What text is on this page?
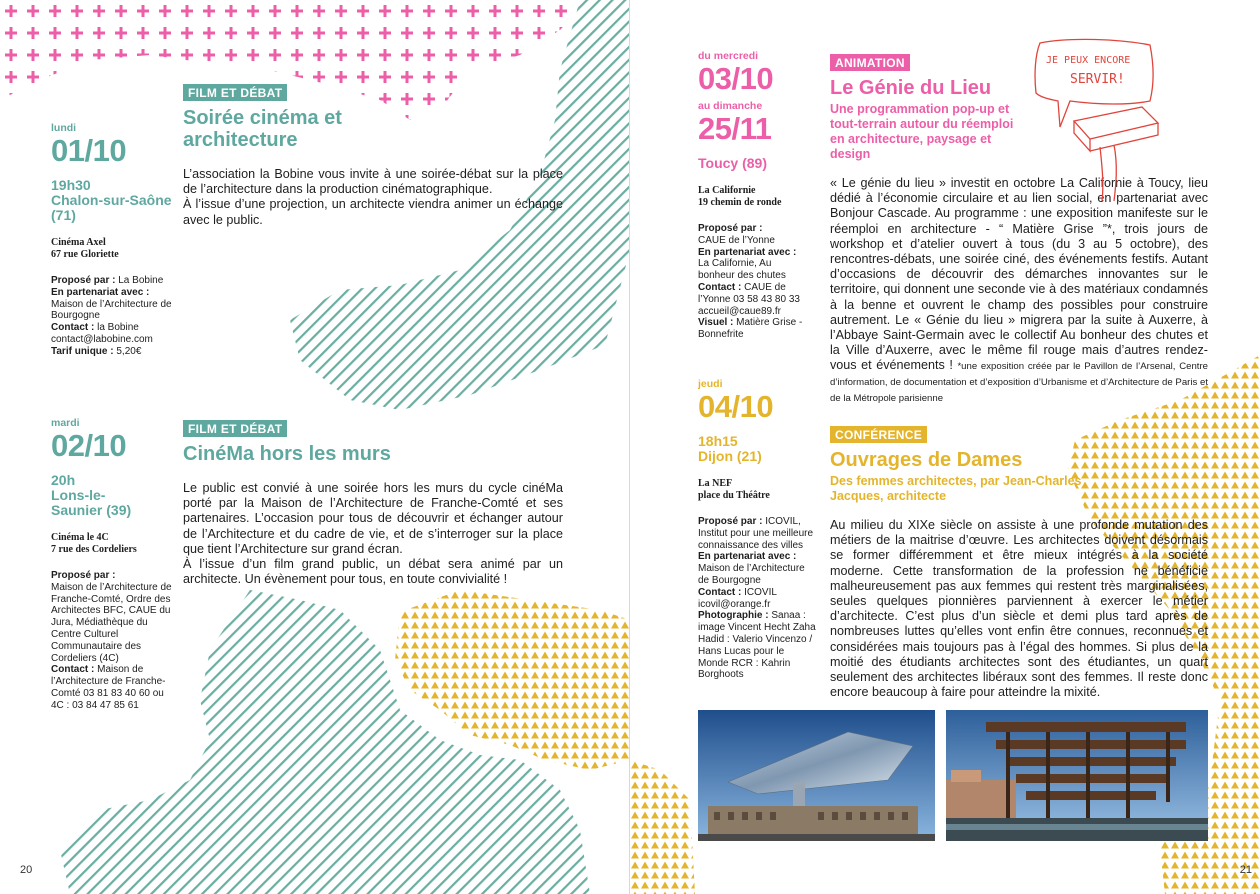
lundi
01/10
19h30
Chalon-sur-Saône (71)
Cinéma Axel
67 rue Gloriette
Proposé par : La Bobine
En partenariat avec :
Maison de l’Architecture de Bourgogne
Contact : la Bobine contact@labobine.com
Tarif unique : 5,20€
FILM ET DÉBAT
Soirée cinéma et architecture

L’association la Bobine vous invite à une soirée-débat sur la place de l’architecture dans la production cinématographique.

À l’issue d’une projection, un architecte viendra animer un échange avec le public.

mardi
02/10
20h
Lons-le-Saunier (39)
Cinéma le 4C
7 rue des Cordeliers
Proposé par :
Maison de l’Architecture de Franche-Comté, Ordre des Architectes BFC, CAUE du Jura, Médiathèque du Centre Culturel Communautaire des Cordeliers (4C)
Contact : Maison de l’Architecture de Franche-Comté 03 81 83 40 60 ou 4C : 03 84 47 85 61
FILM ET DÉBAT
CinéMa hors les murs

Le public est convié à une soirée hors les murs du cycle cinéMa porté par la Maison de l’Architecture de Franche-Comté et ses partenaires. L’occasion pour tous de découvrir et échanger autour de l’Architecture et du cadre de vie, et de s’interroger sur la place que tient l’Architecture sur grand écran.

À l’issue d’un film grand public, un débat sera animé par un architecte. Un évènement pour tous, en toute convivialité !

20
du mercredi
03/10
au dimanche
25/11
Toucy (89)
La Californie
19 chemin de ronde
Proposé par :
CAUE de l’Yonne
En partenariat avec :
La Californie, Au bonheur des chutes
Contact : CAUE de l’Yonne 03 58 43 80 33 accueil@caue89.fr
Visuel : Matière Grise - Bonnefrite
ANIMATION
Le Génie du Lieu
Une programmation pop-up et tout-terrain autour du réemploi en architecture, paysage et design
« Le génie du lieu » investit en octobre La Californie à Toucy, lieu dédié à l’économie circulaire et au lien social, en partenariat avec Bonjour Cascade. Au programme : une exposition manifeste sur le réemploi en architecture - “ Matière Grise ”*, trois jours de workshop et d’atelier ouvert à tous (du 3 au 5 octobre), des rencontres-débats, une soirée ciné, des événements festifs. Autant d’occasions de découvrir des démarches innovantes sur le territoire, qui donnent une seconde vie à des matériaux condamnés à la benne et ouvrent le champ des possibles pour construire autrement. Le « Génie du lieu » migrera par la suite à Auxerre, à l’Abbaye Saint-Germain avec le collectif Au bonheur des chutes et la Ville d’Auxerre, avec le même fil rouge mais d’autres rendez-vous et événements ! *une exposition créée par le Pavillon de l’Arsenal, Centre d’information, de documentation et d’exposition d’Urbanisme et d’Architecture de Paris et de la Métropole parisienne
JE PEUX ENCORE
SERVIR!
jeudi
04/10
18h15
Dijon (21)
La NEF
place du Théâtre
Proposé par : ICOVIL, Institut pour une meilleure connaissance des villes
En partenariat avec :
Maison de l’Architecture de Bourgogne
Contact : ICOVIL icovil@orange.fr
Photographie : Sanaa : image Vincent Hecht Zaha Hadid : Valerio Vincenzo / Hans Lucas pour le Monde RCR : Kahrin Borghoots
CONFÉRENCE
Ouvrages de Dames
Des femmes architectes, par Jean-Charles Jacques, architecte
Au milieu du XIXe siècle on assiste à une profonde mutation des métiers de la maitrise d’œuvre. Les architectes doivent désormais se former différemment et être mieux intégrés à la société moderne. Cette transformation de la profession ne bénéficie malheureusement pas aux femmes qui restent très marginalisées, seules quelques pionnières parviennent à exercer le métier d’architecte. C’est plus d’un siècle et demi plus tard après de nombreuses luttes qu’elles vont enfin être connues, reconnues et considérées mais toujours pas à l’égal des hommes. Si plus de la moitié des étudiants architectes sont des étudiantes, un quart seulement des architectes libéraux sont des femmes. Il reste donc encore beaucoup à faire pour atteindre la mixité.
21
